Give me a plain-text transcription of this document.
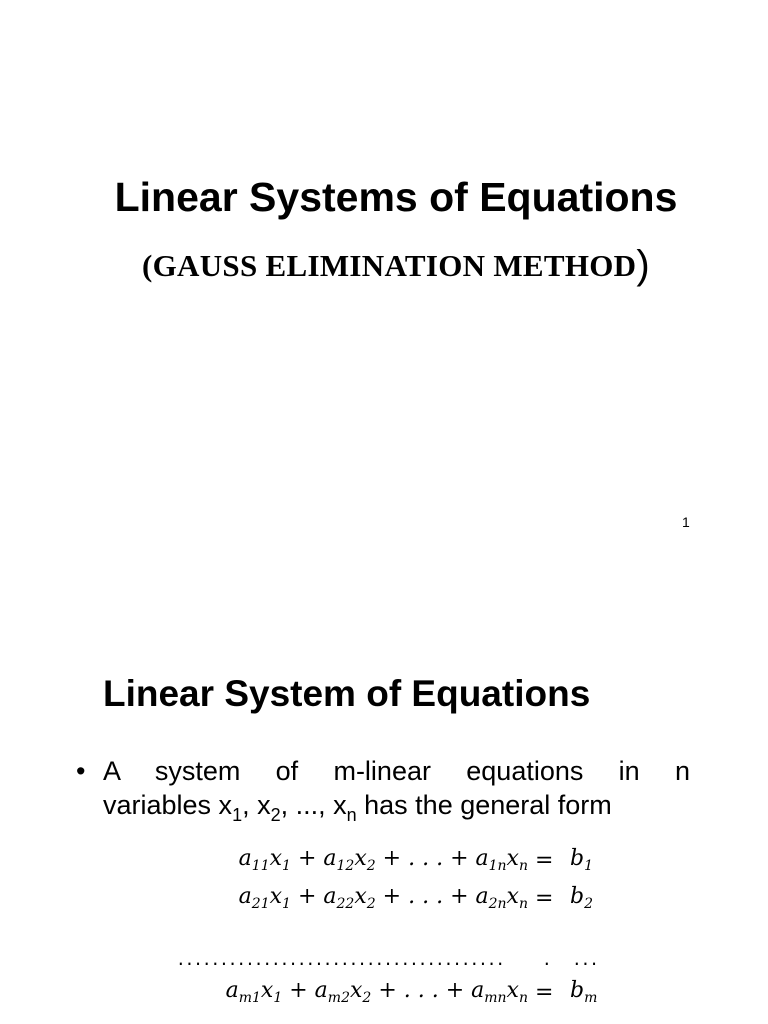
Linear Systems of Equations
(GAUSS ELIMINATION METHOD)
1
Linear System of Equations
• A system of m-linear equations in n
variables $x_1$, $x_2$, ..., $x_n$ has the general form
$a_{11}x_1 + a_{12}x_2$ + . . . + $a_{1n}x_n = b_1$
$a_{21}x_1 + a_{22}x_2$ + . . . + $a_{2n}x_n = b_2$
...................................... . ...
$a_{m1}x_1 + a_{m2}x_2$ + . . . + $a_{mn}x_n = b_m$
